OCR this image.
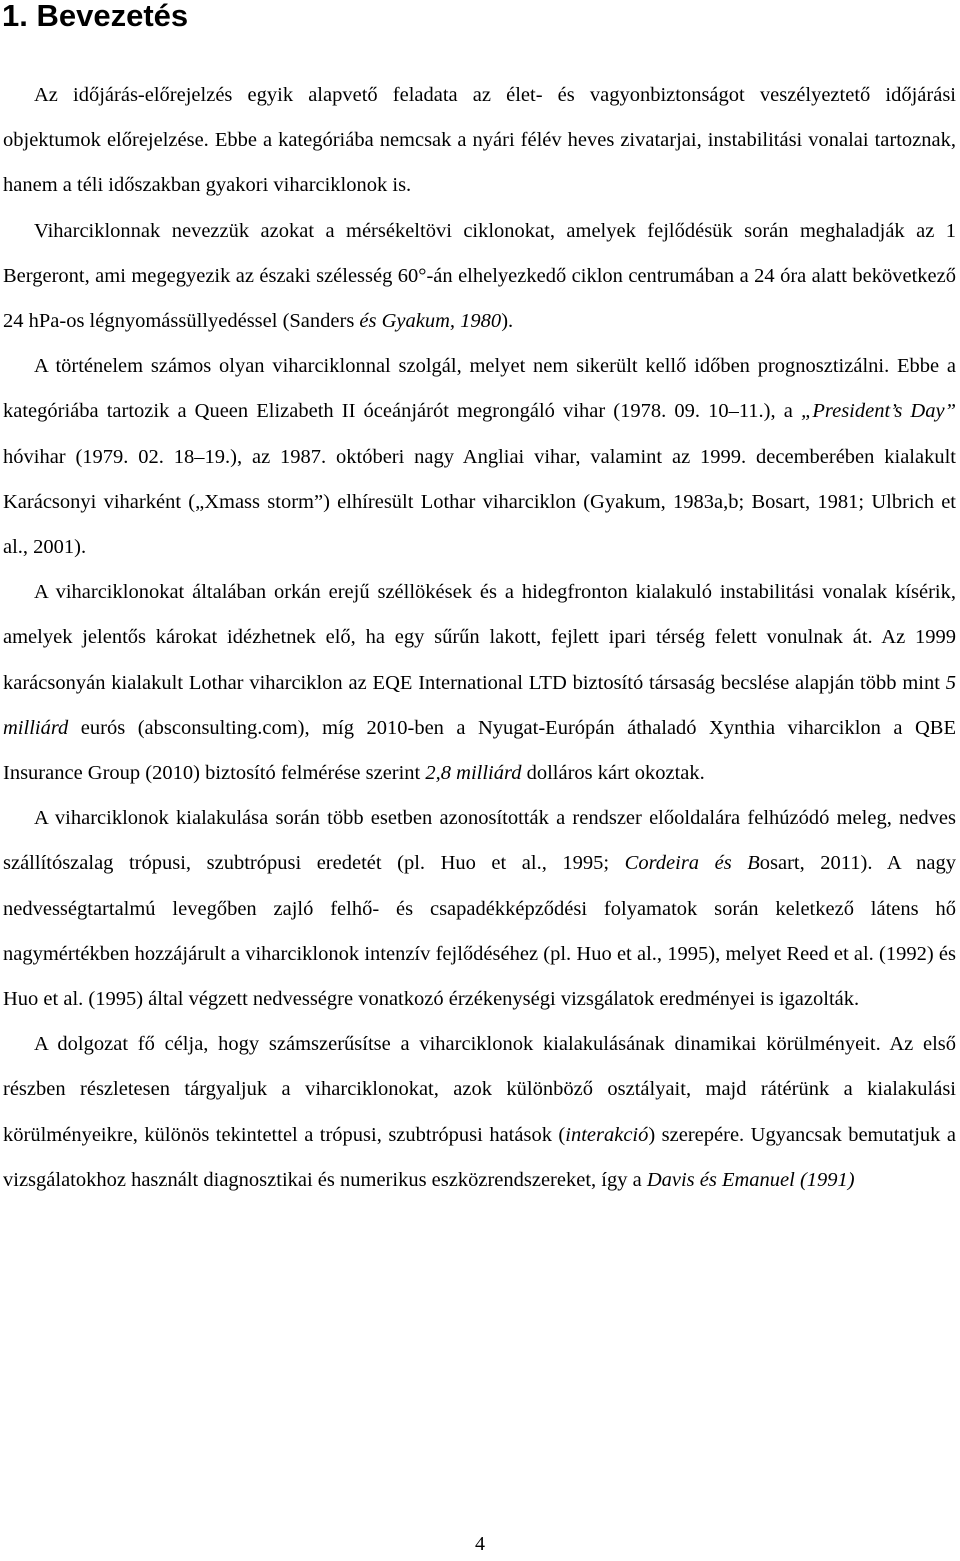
1. Bevezetés

Az időjárás-előrejelzés egyik alapvető feladata az élet- és vagyonbiztonságot veszélyeztető időjárási objektumok előrejelzése. Ebbe a kategóriába nemcsak a nyári félév heves zivatarjai, instabilitási vonalai tartoznak, hanem a téli időszakban gyakori viharciklonok is.

Viharciklonnak nevezzük azokat a mérsékeltövi ciklonokat, amelyek fejlődésük során meghaladják az 1 Bergeront, ami megegyezik az északi szélesség 60°-án elhelyezkedő ciklon centrumában a 24 óra alatt bekövetkező 24 hPa-os légnyomássüllyedéssel (Sanders és Gyakum, 1980).

A történelem számos olyan viharciklonnal szolgál, melyet nem sikerült kellő időben prognosztizálni. Ebbe a kategóriába tartozik a Queen Elizabeth II óceánjárót megrongáló vihar (1978. 09. 10–11.), a „President’s Day” hóvihar (1979. 02. 18–19.), az 1987. októberi nagy Angliai vihar, valamint az 1999. decemberében kialakult Karácsonyi viharként („Xmass storm”) elhíresült Lothar viharciklon (Gyakum, 1983a,b; Bosart, 1981; Ulbrich et al., 2001).

A viharciklonokat általában orkán erejű széllökések és a hidegfronton kialakuló instabilitási vonalak kísérik, amelyek jelentős károkat idézhetnek elő, ha egy sűrűn lakott, fejlett ipari térség felett vonulnak át. Az 1999 karácsonyán kialakult Lothar viharciklon az EQE International LTD biztosító társaság becslése alapján több mint 5 milliárd eurós (absconsulting.com), míg 2010-ben a Nyugat-Európán áthaladó Xynthia viharciklon a QBE Insurance Group (2010) biztosító felmérése szerint 2,8 milliárd dolláros kárt okoztak.

A viharciklonok kialakulása során több esetben azonosították a rendszer előoldalára felhúzódó meleg, nedves szállítószalag trópusi, szubtrópusi eredetét (pl. Huo et al., 1995; Cordeira és Bosart, 2011). A nagy nedvességtartalmú levegőben zajló felhő- és csapadékképződési folyamatok során keletkező látens hő nagymértékben hozzájárult a viharciklonok intenzív fejlődéséhez (pl. Huo et al., 1995), melyet Reed et al. (1992) és Huo et al. (1995) által végzett nedvességre vonatkozó érzékenységi vizsgálatok eredményei is igazolták.

A dolgozat fő célja, hogy számszerűsítse a viharciklonok kialakulásának dinamikai körülményeit. Az első részben részletesen tárgyaljuk a viharciklonokat, azok különböző osztályait, majd rátérünk a kialakulási körülményeikre, különös tekintettel a trópusi, szubtrópusi hatások (interakció) szerepére. Ugyancsak bemutatjuk a vizsgálatokhoz használt diagnosztikai és numerikus eszközrendszereket, így a Davis és Emanuel (1991)

4
